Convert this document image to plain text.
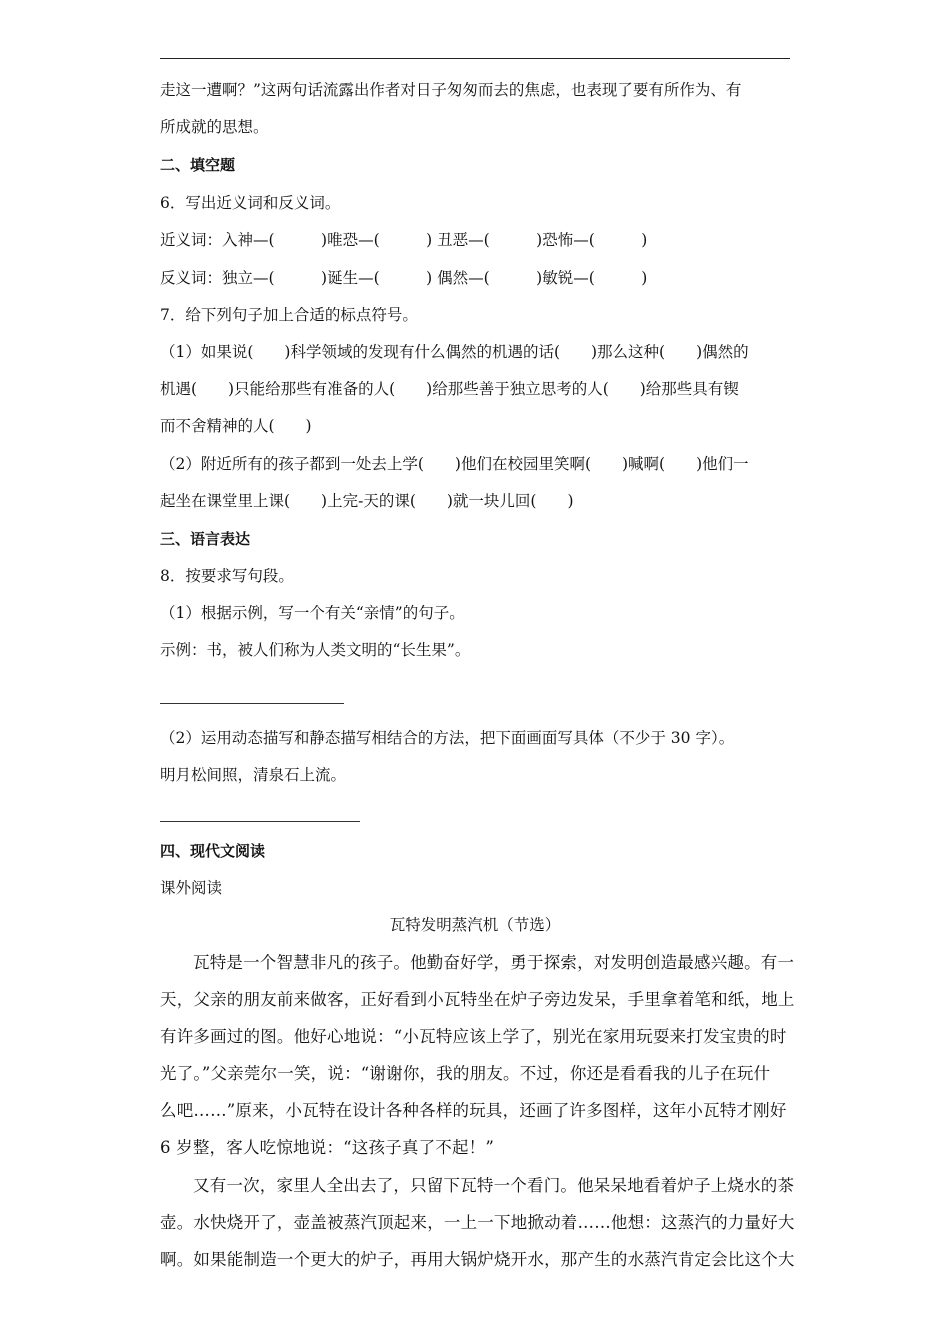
走这一遭啊？”这两句话流露出作者对日子匆匆而去的焦虑，也表现了要有所作为、有
所成就的思想。
二、填空题
6．写出近义词和反义词。
近义词：入神—(　　　)唯恐—(　　　) 丑恶—(　　　)恐怖—(　　　)
反义词：独立—(　　　)诞生—(　　　) 偶然—(　　　)敏锐—(　　　)
7．给下列句子加上合适的标点符号。
（1）如果说(　　)科学领域的发现有什么偶然的机遇的话(　　)那么这种(　　)偶然的
机遇(　　)只能给那些有准备的人(　　)给那些善于独立思考的人(　　)给那些具有锲
而不舍精神的人(　　)
（2）附近所有的孩子都到一处去上学(　　)他们在校园里笑啊(　　)喊啊(　　)他们一
起坐在课堂里上课(　　)上完-天的课(　　)就一块儿回(　　)
三、语言表达
8．按要求写句段。
（1）根据示例，写一个有关“亲情”的句子。
示例：书，被人们称为人类文明的“长生果”。
（2）运用动态描写和静态描写相结合的方法，把下面画面写具体（不少于 30 字）。
明月松间照，清泉石上流。
四、现代文阅读
课外阅读
瓦特发明蒸汽机（节选）
瓦特是一个智慧非凡的孩子。他勤奋好学，勇于探索，对发明创造最感兴趣。有一
天，父亲的朋友前来做客，正好看到小瓦特坐在炉子旁边发呆，手里拿着笔和纸，地上
有许多画过的图。他好心地说：“小瓦特应该上学了，别光在家用玩耍来打发宝贵的时
光了。”父亲莞尔一笑，说：“谢谢你，我的朋友。不过，你还是看看我的儿子在玩什
么吧……”原来，小瓦特在设计各种各样的玩具，还画了许多图样，这年小瓦特才刚好
6 岁整，客人吃惊地说：“这孩子真了不起！”
又有一次，家里人全出去了，只留下瓦特一个看门。他呆呆地看着炉子上烧水的茶
壶。水快烧开了，壶盖被蒸汽顶起来，一上一下地掀动着……他想：这蒸汽的力量好大
啊。如果能制造一个更大的炉子，再用大锅炉烧开水，那产生的水蒸汽肯定会比这个大
